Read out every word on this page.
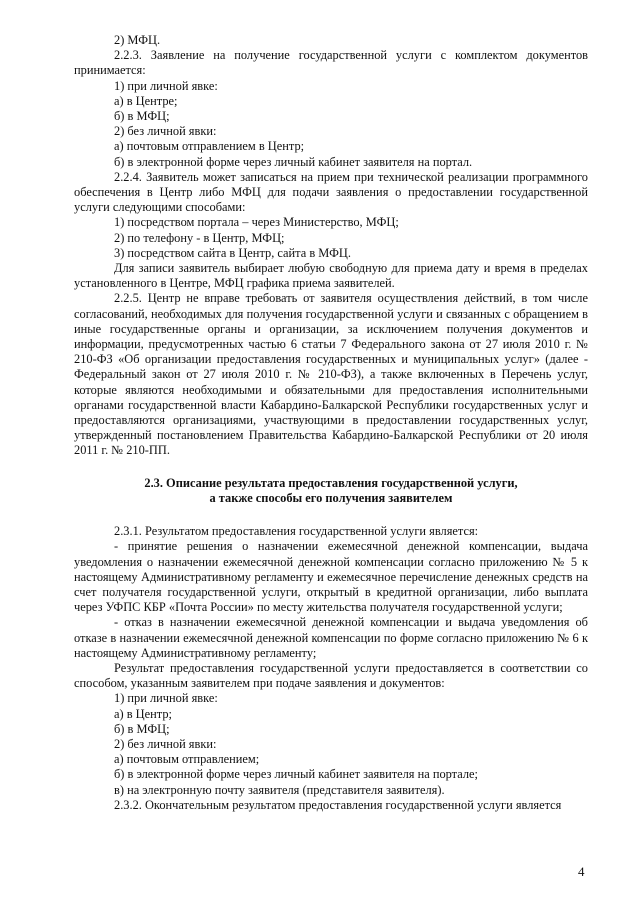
2) МФЦ.

2.2.3. Заявление на получение государственной услуги с комплектом документов принимается:

1) при личной явке:

а) в Центре;

б) в МФЦ;

2) без личной явки:

а) почтовым отправлением в Центр;

б) в электронной форме через личный кабинет заявителя на портал.

2.2.4. Заявитель может записаться на прием при технической реализации программного обеспечения в Центр либо МФЦ для подачи заявления о предоставлении государственной услуги следующими способами:

1) посредством портала – через Министерство, МФЦ;

2) по телефону - в Центр, МФЦ;

3) посредством сайта в Центр, сайта в МФЦ.

Для записи заявитель выбирает любую свободную для приема дату и время в пределах установленного в Центре, МФЦ графика приема заявителей.

2.2.5. Центр не вправе требовать от заявителя осуществления действий, в том числе согласований, необходимых для получения государственной услуги и связанных с обращением в иные государственные органы и организации, за исключением получения документов и информации, предусмотренных частью 6 статьи 7 Федерального закона от 27 июля 2010 г. № 210-ФЗ «Об организации предоставления государственных и муниципальных услуг» (далее - Федеральный закон от 27 июля 2010 г. № 210-ФЗ), а также включенных в Перечень услуг, которые являются необходимыми и обязательными для предоставления исполнительными органами государственной власти Кабардино-Балкарской Республики государственных услуг и предоставляются организациями, участвующими в предоставлении государственных услуг, утвержденный постановлением Правительства Кабардино-Балкарской Республики от 20 июля 2011 г. № 210-ПП.

2.3. Описание результата предоставления государственной услуги,
а также способы его получения заявителем

2.3.1. Результатом предоставления государственной услуги является:

- принятие решения о назначении ежемесячной денежной компенсации, выдача уведомления о назначении ежемесячной денежной компенсации согласно приложению № 5 к настоящему Административному регламенту и ежемесячное перечисление денежных средств на счет получателя государственной услуги, открытый в кредитной организации, либо выплата через УФПС КБР «Почта России» по месту жительства получателя государственной услуги;

- отказ в назначении ежемесячной денежной компенсации и выдача уведомления об отказе в назначении ежемесячной денежной компенсации по форме согласно приложению № 6 к настоящему Административному регламенту;

Результат предоставления государственной услуги предоставляется в соответствии со способом, указанным заявителем при подаче заявления и документов:

1) при личной явке:

а) в Центр;

б) в МФЦ;

2) без личной явки:

а) почтовым отправлением;

б) в электронной форме через личный кабинет заявителя на портале;

в) на электронную почту заявителя (представителя заявителя).

2.3.2. Окончательным результатом предоставления государственной услуги является

4
